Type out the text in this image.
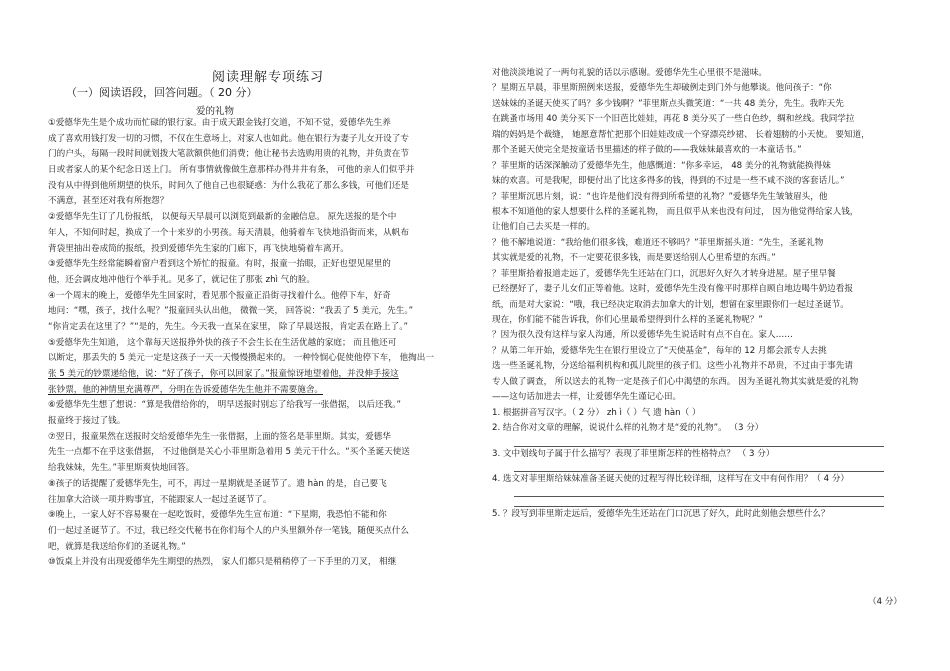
阅读理解专项练习
（一）阅读语段，回答问题。（ 20 分）
爱的礼物
①爱德华先生是个成功而忙碌的银行家。由于成天跟金钱打交道，不知不觉，爱德华先生养
成了喜欢用钱打发一切的习惯，不仅在生意场上，对家人也如此。他在银行为妻子儿女开设了专
门的户头，每隔一段时间就划拨大笔款额供他们消费；他让秘书去选购用贵的礼物，并负责在节
日或者家人的某个纪念日送上门。 所有事情就像做生意那样办得井井有条， 可他的亲人们似乎并
没有从中得到他所期望的快乐，时间久了他自己也很疑惑：为什么我花了那么多钱，可他们还是
不满意，甚至还对我有所抱怨？
②爱德华先生订了几份报纸， 以便每天早晨可以浏览到最新的金融信息。 原先送报的是个中
年人，不知何时起，换成了一个十来岁的小男孩。每天清晨，他骑着车飞快地沿街而来，从帆布
背袋里抽出卷成筒的报纸，投到爱德华先生家的门廊下，再飞快地骑着车离开。
③爱德华先生经常能瞬着窗户看到这个矫忙的报童。有时，报童一抬眼，正好也望见屋里的
他，还会调皮地冲他行个举手礼。见多了，就记住了那张 zhì 气的脸。
④一个周末的晚上，爱德华先生回家时，看见那个报童正沿街寻找着什么。他停下车，好奇
地问：“嘿，孩子，找什么呢？”报童回头认出他， 微微一笑， 回答说：“我丢了 5 美元，先生。”
“你肯定丢在这里了？”“是的，先生。今天我一直呆在家里， 除了早晨送报，肯定丢在路上了。”
⑤爱德华先生知道， 这个靠每天送报挣外快的孩子不会生长在生活优越的家庭； 而且他还可
以断定，那丢失的 5 美元一定是这孩子一天一天慢慢攒起来的。 一种怜悯心促使他停下车， 他掏出一
张 5 美元的钞票递给他，说：“好了孩子，你可以回家了。”报童惊讶地望着他，并没伸手接这
张钞票，他的神情里充满尊严，分明在告诉爱德华先生他并不需要施舍。
⑥爱德华先生想了想说：“算是我借给你的， 明早送报时别忘了给我写一张借据， 以后还我。”
报童终于接过了钱。
⑦翌日，报童果然在送报时交给爱德华先生一张借据，上面的签名是菲里斯。其实，爱德华
先生一点都不在乎这张借据， 不过他倒是关心小菲里斯急着用 5 美元干什么。“买个圣诞天使送
给我妹妹，先生。”菲里斯爽快地回答。
⑧孩子的话提醒了爱德华先生，可不，再过一星期就是圣诞节了。遗 hàn 的是，自己要飞
往加拿大洽谈一项并购事宜，不能跟家人一起过圣诞节了。
⑨晚上，一家人好不容易聚在一起吃饭时，爱德华先生宣布道：“下星期，我恐怕不能和你
们一起过圣诞节了。不过，我已经交代秘书在你们每个人的户头里额外存一笔钱，随便买点什么
吧，就算是我送给你们的圣诞礼物。”
⑩饭桌上并没有出现爱德华先生期望的热烈， 家人们都只是稍稍停了一下手里的刀叉， 相继
对他淡淡地说了一两句礼貌的话以示感谢。爱德华先生心里很不是滋味。
？星期五早晨，菲里斯照例来送报，爱德华先生却破例走到门外与他攀谈。他问孩子：“你
送妹妹的圣诞天使买了吗？多少钱啊？”菲里斯点头微笑道：“一共 48 美分，先生。我昨天先
在跳蚤市场用 40 美分买下一个旧芭比娃娃，再花 8 美分买了一些白色纱，绸和丝线。我同学拉
瑞的妈妈是个裁缝， 她愿意帮忙把那个旧娃娃改成一个穿漂亮纱裙、 长着翅膀的小天使。 要知道，
那个圣诞天使完全是按童话书里描述的样子做的——我妹妹最喜欢的一本童话书。”
？菲里斯的话深深触动了爱德华先生，他感慨道：“你多幸运， 48 美分的礼物就能换得妹
妹的欢喜。可是我呢，即便付出了比这多得多的钱，得到的不过是一些不咸不淡的客套话儿。”
？菲里斯沉思片刻，说：“也许是他们没有得到所希望的礼物？”爱德华先生皱皱眉头，他
根本不知道他的家人想要什么样的圣诞礼物， 而且似乎从来也没有问过， 因为他觉得给家人钱，
让他们自己去买是一样的。
？他不解地说道：“我给他们很多钱，难道还不够吗？”菲里斯摇头道：“先生，圣诞礼物
其实就是爱的礼物，不一定要花很多钱，而是要送给别人心里希望的东西。”
？菲里斯拾着报道走远了，爱德华先生还站在门口，沉思好久好久才转身进屋。屋子里早餐
已经摆好了，妻子儿女们正等着他。这时，爱德华先生没有像平时那样自顾自地边喝牛奶边看报
纸，而是对大家说：“哦，我已经决定取消去加拿大的计划，想留在家里跟你们一起过圣诞节。
现在，你们能不能告诉我，你们心里最希望得到什么样的圣诞礼物呢？”
？因为很久没有这样与家人沟通，所以爱德华先生说话时有点不自在。家人……
？从第二年开始，爱德华先生在银行里设立了“天使基金”，每年的 12 月都会派专人去挑
选一些圣诞礼物，分送给福利机构和孤儿院里的孩子们。这些小礼物并不昂贵，不过由于事先请
专人做了调查， 所以送去的礼物一定是孩子们心中渴望的东西。 因为圣诞礼物其实就是爱的礼物
——这句话加进去一样，让爱德华先生谨记心田。
1. 根据拼音写汉字。（ 2 分） zh ì（ ）气 遗 hàn（ ）
2. 结合你对文章的理解，说说什么样的礼物才是“爱的礼物”。 （3 分）
3. 文中划线句子属于什么描写？表现了菲里斯怎样的性格特点？ （ 3 分）
4. 选文对菲里斯给妹妹准备圣诞天使的过程写得比较详细，这样写在文中有何作用？（ 4 分）
5. ？段写到菲里斯走远后，爱德华先生还站在门口沉思了好久，此时此刻他会想些什么？
（4 分）
